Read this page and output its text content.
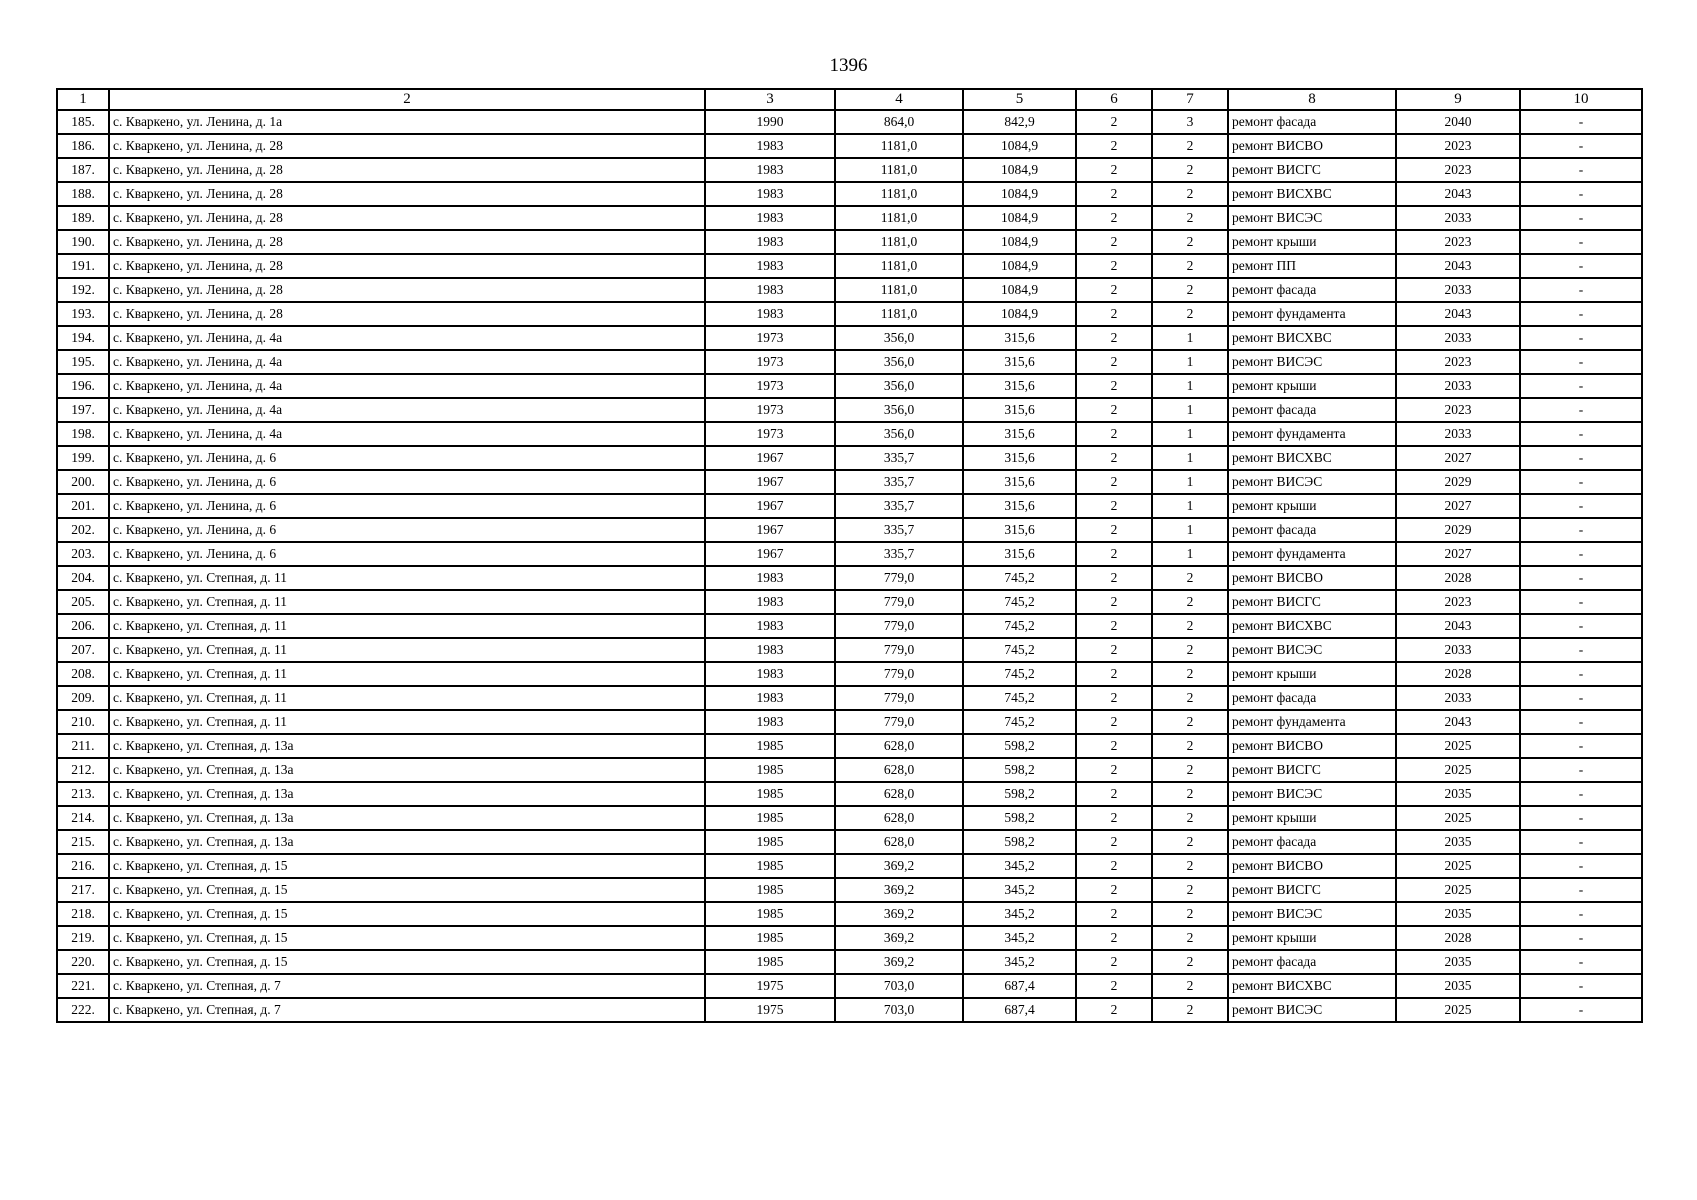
1396
1	2	3	4	5	6	7	8	9	10
185.	с. Кваркено, ул. Ленина, д. 1а	1990	864,0	842,9	2	3	ремонт фасада	2040	-
186.	с. Кваркено, ул. Ленина, д. 28	1983	1181,0	1084,9	2	2	ремонт ВИСВО	2023	-
187.	с. Кваркено, ул. Ленина, д. 28	1983	1181,0	1084,9	2	2	ремонт ВИСГС	2023	-
188.	с. Кваркено, ул. Ленина, д. 28	1983	1181,0	1084,9	2	2	ремонт ВИСХВС	2043	-
189.	с. Кваркено, ул. Ленина, д. 28	1983	1181,0	1084,9	2	2	ремонт ВИСЭС	2033	-
190.	с. Кваркено, ул. Ленина, д. 28	1983	1181,0	1084,9	2	2	ремонт крыши	2023	-
191.	с. Кваркено, ул. Ленина, д. 28	1983	1181,0	1084,9	2	2	ремонт ПП	2043	-
192.	с. Кваркено, ул. Ленина, д. 28	1983	1181,0	1084,9	2	2	ремонт фасада	2033	-
193.	с. Кваркено, ул. Ленина, д. 28	1983	1181,0	1084,9	2	2	ремонт фундамента	2043	-
194.	с. Кваркено, ул. Ленина, д. 4а	1973	356,0	315,6	2	1	ремонт ВИСХВС	2033	-
195.	с. Кваркено, ул. Ленина, д. 4а	1973	356,0	315,6	2	1	ремонт ВИСЭС	2023	-
196.	с. Кваркено, ул. Ленина, д. 4а	1973	356,0	315,6	2	1	ремонт крыши	2033	-
197.	с. Кваркено, ул. Ленина, д. 4а	1973	356,0	315,6	2	1	ремонт фасада	2023	-
198.	с. Кваркено, ул. Ленина, д. 4а	1973	356,0	315,6	2	1	ремонт фундамента	2033	-
199.	с. Кваркено, ул. Ленина, д. 6	1967	335,7	315,6	2	1	ремонт ВИСХВС	2027	-
200.	с. Кваркено, ул. Ленина, д. 6	1967	335,7	315,6	2	1	ремонт ВИСЭС	2029	-
201.	с. Кваркено, ул. Ленина, д. 6	1967	335,7	315,6	2	1	ремонт крыши	2027	-
202.	с. Кваркено, ул. Ленина, д. 6	1967	335,7	315,6	2	1	ремонт фасада	2029	-
203.	с. Кваркено, ул. Ленина, д. 6	1967	335,7	315,6	2	1	ремонт фундамента	2027	-
204.	с. Кваркено, ул. Степная, д. 11	1983	779,0	745,2	2	2	ремонт ВИСВО	2028	-
205.	с. Кваркено, ул. Степная, д. 11	1983	779,0	745,2	2	2	ремонт ВИСГС	2023	-
206.	с. Кваркено, ул. Степная, д. 11	1983	779,0	745,2	2	2	ремонт ВИСХВС	2043	-
207.	с. Кваркено, ул. Степная, д. 11	1983	779,0	745,2	2	2	ремонт ВИСЭС	2033	-
208.	с. Кваркено, ул. Степная, д. 11	1983	779,0	745,2	2	2	ремонт крыши	2028	-
209.	с. Кваркено, ул. Степная, д. 11	1983	779,0	745,2	2	2	ремонт фасада	2033	-
210.	с. Кваркено, ул. Степная, д. 11	1983	779,0	745,2	2	2	ремонт фундамента	2043	-
211.	с. Кваркено, ул. Степная, д. 13а	1985	628,0	598,2	2	2	ремонт ВИСВО	2025	-
212.	с. Кваркено, ул. Степная, д. 13а	1985	628,0	598,2	2	2	ремонт ВИСГС	2025	-
213.	с. Кваркено, ул. Степная, д. 13а	1985	628,0	598,2	2	2	ремонт ВИСЭС	2035	-
214.	с. Кваркено, ул. Степная, д. 13а	1985	628,0	598,2	2	2	ремонт крыши	2025	-
215.	с. Кваркено, ул. Степная, д. 13а	1985	628,0	598,2	2	2	ремонт фасада	2035	-
216.	с. Кваркено, ул. Степная, д. 15	1985	369,2	345,2	2	2	ремонт ВИСВО	2025	-
217.	с. Кваркено, ул. Степная, д. 15	1985	369,2	345,2	2	2	ремонт ВИСГС	2025	-
218.	с. Кваркено, ул. Степная, д. 15	1985	369,2	345,2	2	2	ремонт ВИСЭС	2035	-
219.	с. Кваркено, ул. Степная, д. 15	1985	369,2	345,2	2	2	ремонт крыши	2028	-
220.	с. Кваркено, ул. Степная, д. 15	1985	369,2	345,2	2	2	ремонт фасада	2035	-
221.	с. Кваркено, ул. Степная, д. 7	1975	703,0	687,4	2	2	ремонт ВИСХВС	2035	-
222.	с. Кваркено, ул. Степная, д. 7	1975	703,0	687,4	2	2	ремонт ВИСЭС	2025	-
